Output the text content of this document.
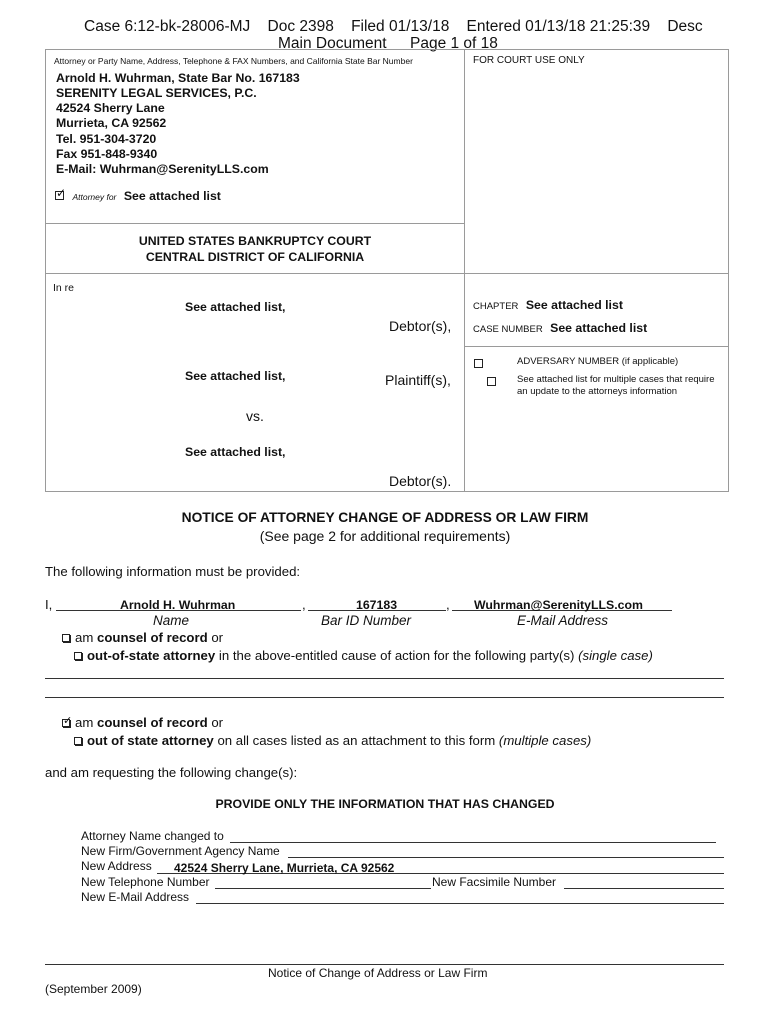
Case 6:12-bk-28006-MJ    Doc 2398    Filed 01/13/18    Entered 01/13/18 21:25:39    Desc
Main Document Page 1 of 18
Attorney or Party Name, Address, Telephone & FAX Numbers, and California State Bar Number	FOR COURT USE ONLY
Arnold H. Wuhrman, State Bar No. 167183
SERENITY LEGAL SERVICES, P.C.
42524 Sherry Lane
Murrieta, CA 92562
Tel. 951-304-3720
Fax 951-848-9340
E-Mail: Wuhrman@SerenityLLS.com
✓ Attorney for See attached list
UNITED STATES BANKRUPTCY COURT
CENTRAL DISTRICT OF CALIFORNIA
In re
See attached list,
Debtor(s),
See attached list,	Plaintiff(s),
vs.
See attached list,
Debtor(s).
CHAPTER See attached list
CASE NUMBER See attached list

ADVERSARY NUMBER (if applicable)
See attached list for multiple cases that require
an update to the attorneys information
NOTICE OF ATTORNEY CHANGE OF ADDRESS OR LAW FIRM
(See page 2 for additional requirements)
The following information must be provided:
I,	Arnold H. Wuhrman	,	167183	, Wuhrman@SerenityLLS.com
Name	Bar ID Number	E-Mail Address
am counsel of record or
out-of-state attorney in the above-entitled cause of action for the following party(s) (single case)
✓am counsel of record or
out of state attorney on all cases listed as an attachment to this form (multiple cases)
and am requesting the following change(s):
PROVIDE ONLY THE INFORMATION THAT HAS CHANGED
Attorney Name changed to
New Firm/Government Agency Name
New Address 42524 Sherry Lane, Murrieta, CA 92562
New Telephone Number	New Facsimile Number
New E-Mail Address
Notice of Change of Address or Law Firm
(September 2009)
